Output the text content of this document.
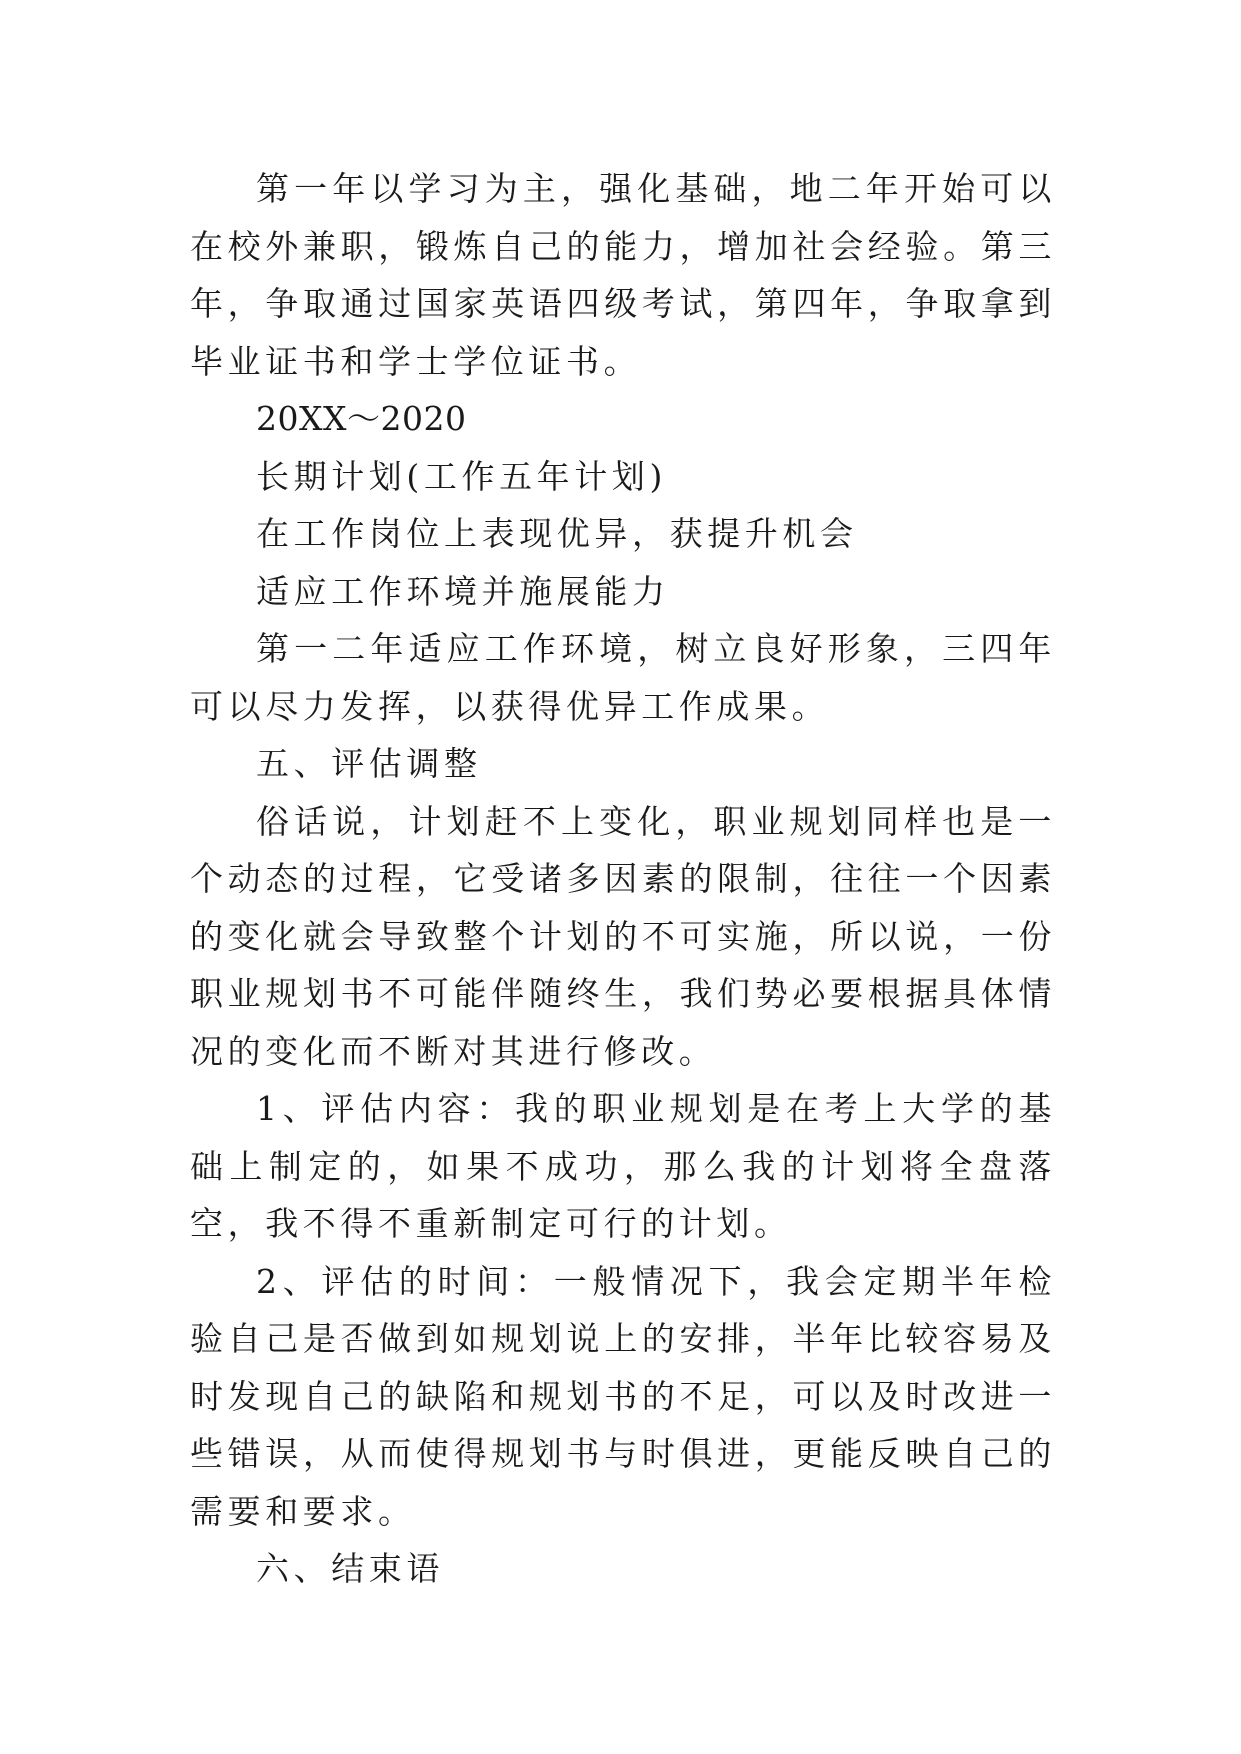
第一年以学习为主，强化基础，地二年开始可以在校外兼职，锻炼自己的能力，增加社会经验。第三年，争取通过国家英语四级考试，第四年，争取拿到毕业证书和学士学位证书。

20XX～2020

长期计划(工作五年计划)

在工作岗位上表现优异，获提升机会

适应工作环境并施展能力

第一二年适应工作环境，树立良好形象，三四年可以尽力发挥，以获得优异工作成果。

五、评估调整

俗话说，计划赶不上变化，职业规划同样也是一个动态的过程，它受诸多因素的限制，往往一个因素的变化就会导致整个计划的不可实施，所以说，一份职业规划书不可能伴随终生，我们势必要根据具体情况的变化而不断对其进行修改。

1、评估内容：我的职业规划是在考上大学的基础上制定的，如果不成功，那么我的计划将全盘落空，我不得不重新制定可行的计划。

2、评估的时间：一般情况下，我会定期半年检验自己是否做到如规划说上的安排，半年比较容易及时发现自己的缺陷和规划书的不足，可以及时改进一些错误，从而使得规划书与时俱进，更能反映自己的需要和要求。

六、结束语
